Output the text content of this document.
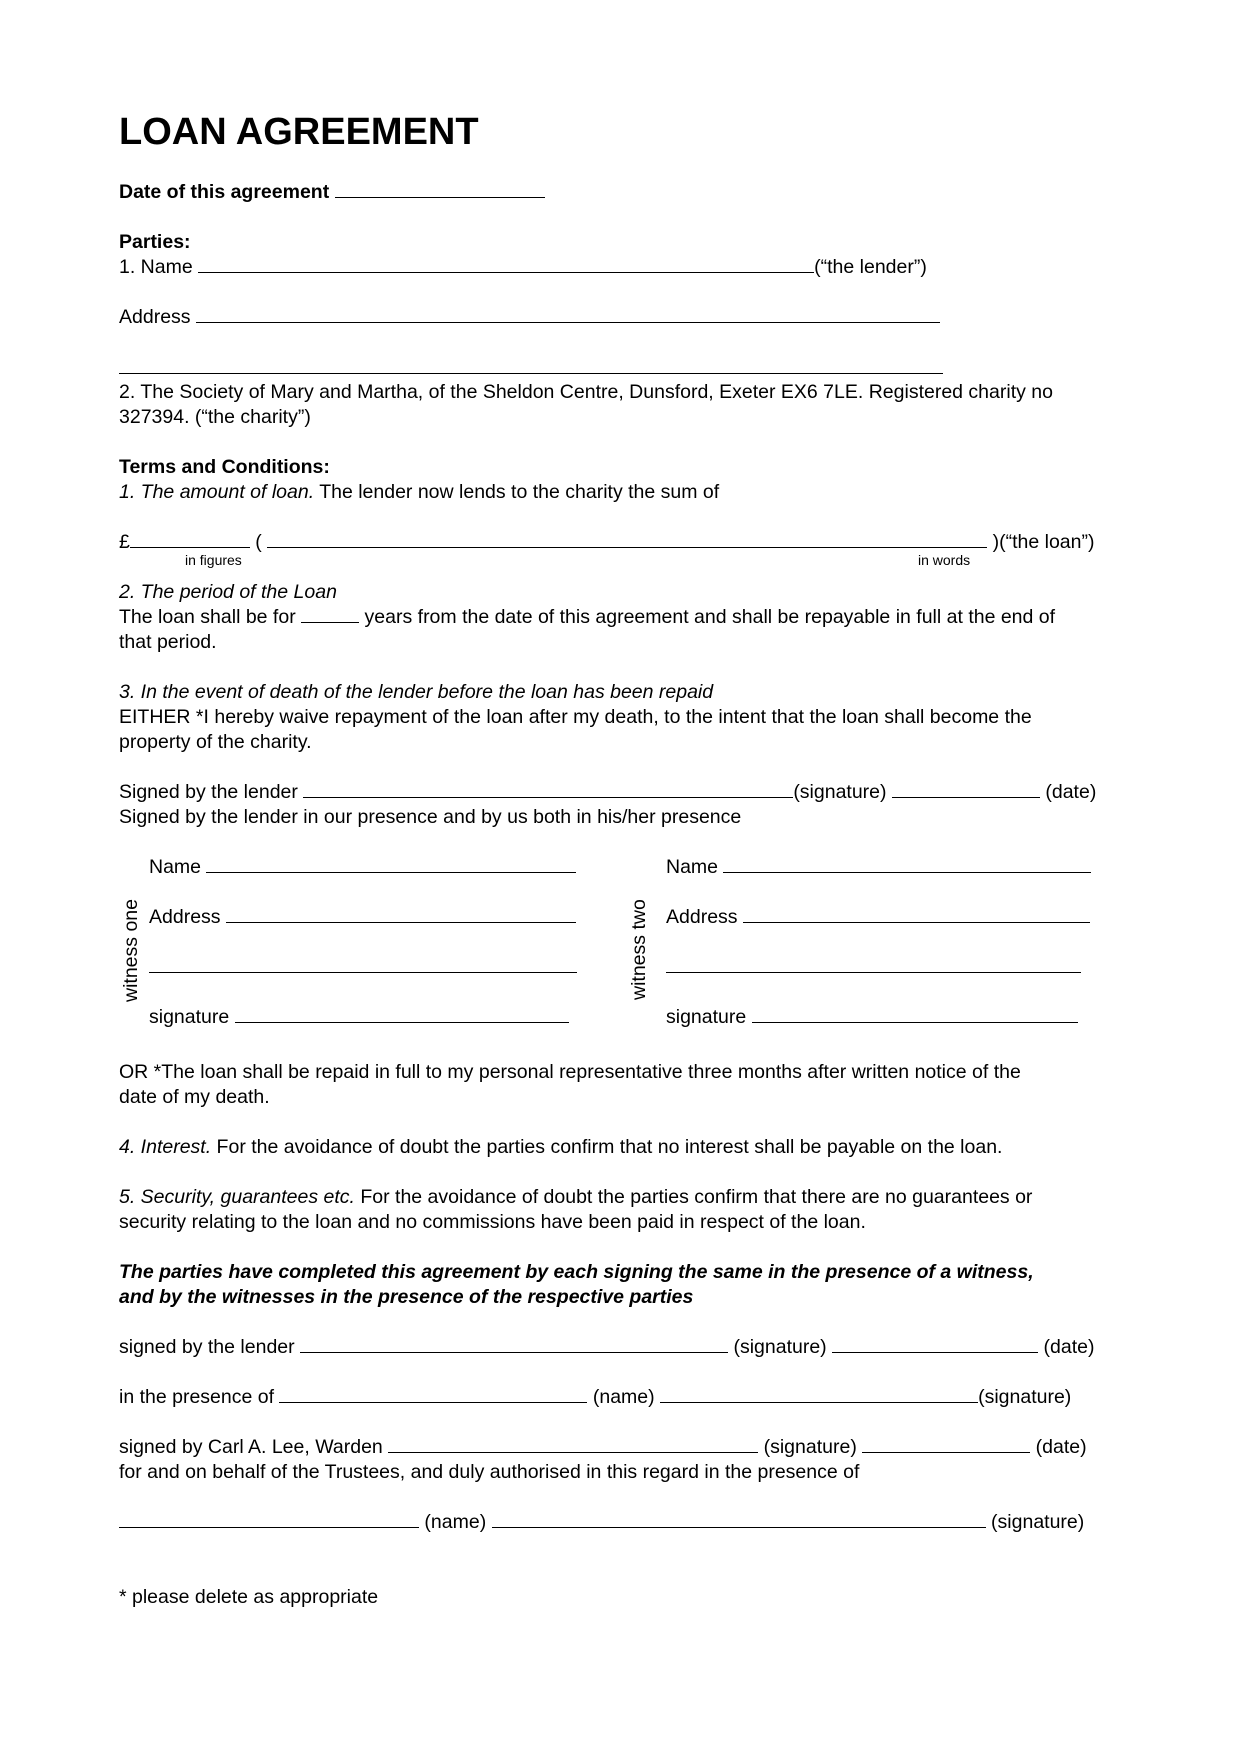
LOAN AGREEMENT
Date of this agreement
Parties:
1. Name	(“the lender”)
Address
2. The Society of Mary and Martha, of the Sheldon Centre, Dunsford, Exeter EX6 7LE. Registered charity no
327394. (“the charity”)
Terms and Conditions:
1. The amount of loan. The lender now lends to the charity the sum of
£	(	)(“the loan”)
in figures	in words
2. The period of the Loan
The loan shall be for	years from the date of this agreement and shall be repayable in full at the end of
that period.
3. In the event of death of the lender before the loan has been repaid
EITHER *I hereby waive repayment of the loan after my death, to the intent that the loan shall become the
property of the charity.
Signed by the lender	(signature)	(date)
Signed by the lender in our presence and by us both in his/her presence
witness one
Name
Address
signature
witness two
Name
Address
signature
OR *The loan shall be repaid in full to my personal representative three months after written notice of the
date of my death.
4. Interest. For the avoidance of doubt the parties confirm that no interest shall be payable on the loan.
5. Security, guarantees etc. For the avoidance of doubt the parties confirm that there are no guarantees or
security relating to the loan and no commissions have been paid in respect of the loan.
The parties have completed this agreement by each signing the same in the presence of a witness,
and by the witnesses in the presence of the respective parties
signed by the lender	(signature)	(date)
in the presence of	(name)	(signature)
signed by Carl A. Lee, Warden	(signature)	(date)
for and on behalf of the Trustees, and duly authorised in this regard in the presence of
(name)	(signature)
* please delete as appropriate
